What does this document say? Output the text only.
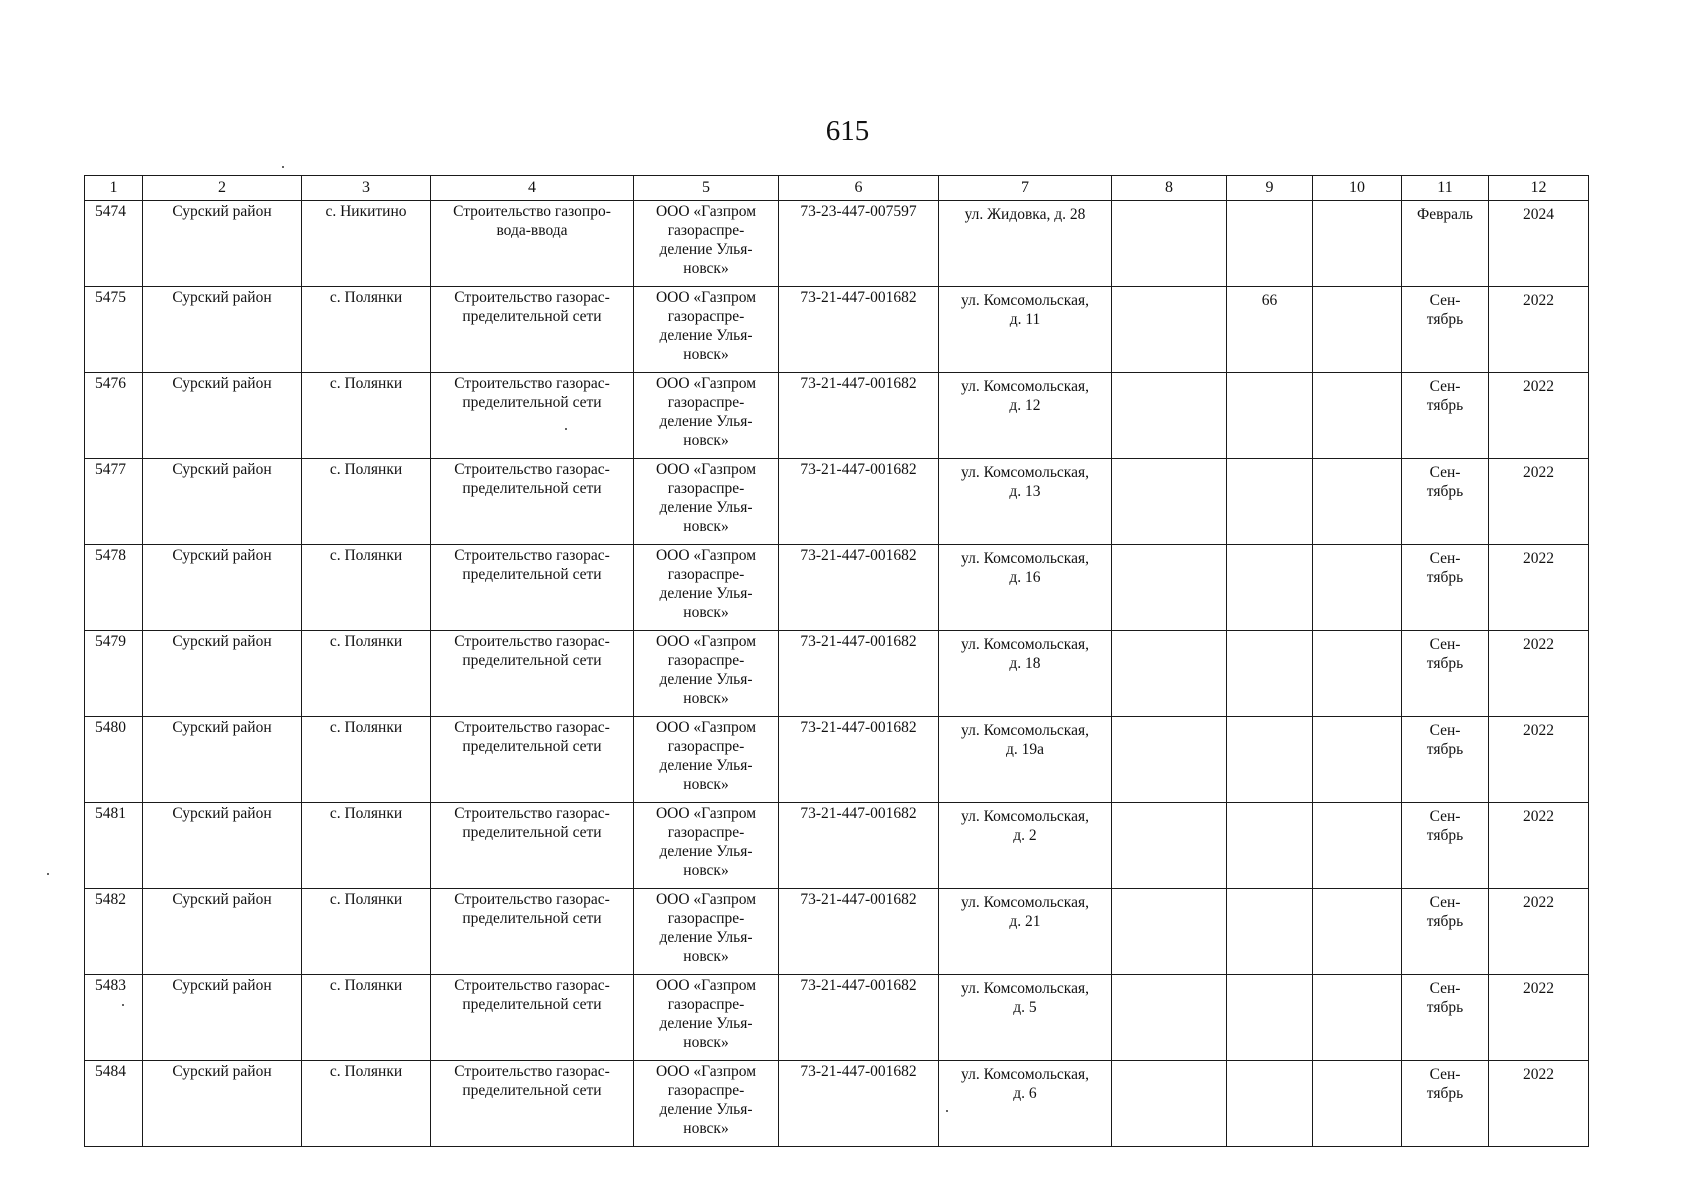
615
1	2	3	4	5	6	7	8	9	10	11	12
5474	Сурский район	с. Никитино	Строительство газопро-
вода-ввода	ООО «Газпром
газораспре-
деление Улья-
новск»	73-23-447-007597	ул. Жидовка, д. 28				Февраль	2024
5475	Сурский район	с. Полянки	Строительство газорас-
пределительной сети	ООО «Газпром
газораспре-
деление Улья-
новск»	73-21-447-001682	ул. Комсомольская,
д. 11		66		Сен-
тябрь	2022
5476	Сурский район	с. Полянки	Строительство газорас-
пределительной сети	ООО «Газпром
газораспре-
деление Улья-
новск»	73-21-447-001682	ул. Комсомольская,
д. 12				Сен-
тябрь	2022
5477	Сурский район	с. Полянки	Строительство газорас-
пределительной сети	ООО «Газпром
газораспре-
деление Улья-
новск»	73-21-447-001682	ул. Комсомольская,
д. 13				Сен-
тябрь	2022
5478	Сурский район	с. Полянки	Строительство газорас-
пределительной сети	ООО «Газпром
газораспре-
деление Улья-
новск»	73-21-447-001682	ул. Комсомольская,
д. 16				Сен-
тябрь	2022
5479	Сурский район	с. Полянки	Строительство газорас-
пределительной сети	ООО «Газпром
газораспре-
деление Улья-
новск»	73-21-447-001682	ул. Комсомольская,
д. 18				Сен-
тябрь	2022
5480	Сурский район	с. Полянки	Строительство газорас-
пределительной сети	ООО «Газпром
газораспре-
деление Улья-
новск»	73-21-447-001682	ул. Комсомольская,
д. 19а				Сен-
тябрь	2022
5481	Сурский район	с. Полянки	Строительство газорас-
пределительной сети	ООО «Газпром
газораспре-
деление Улья-
новск»	73-21-447-001682	ул. Комсомольская,
д. 2				Сен-
тябрь	2022
5482	Сурский район	с. Полянки	Строительство газорас-
пределительной сети	ООО «Газпром
газораспре-
деление Улья-
новск»	73-21-447-001682	ул. Комсомольская,
д. 21				Сен-
тябрь	2022
5483	Сурский район	с. Полянки	Строительство газорас-
пределительной сети	ООО «Газпром
газораспре-
деление Улья-
новск»	73-21-447-001682	ул. Комсомольская,
д. 5				Сен-
тябрь	2022
5484	Сурский район	с. Полянки	Строительство газорас-
пределительной сети	ООО «Газпром
газораспре-
деление Улья-
новск»	73-21-447-001682	ул. Комсомольская,
д. 6				Сен-
тябрь	2022
